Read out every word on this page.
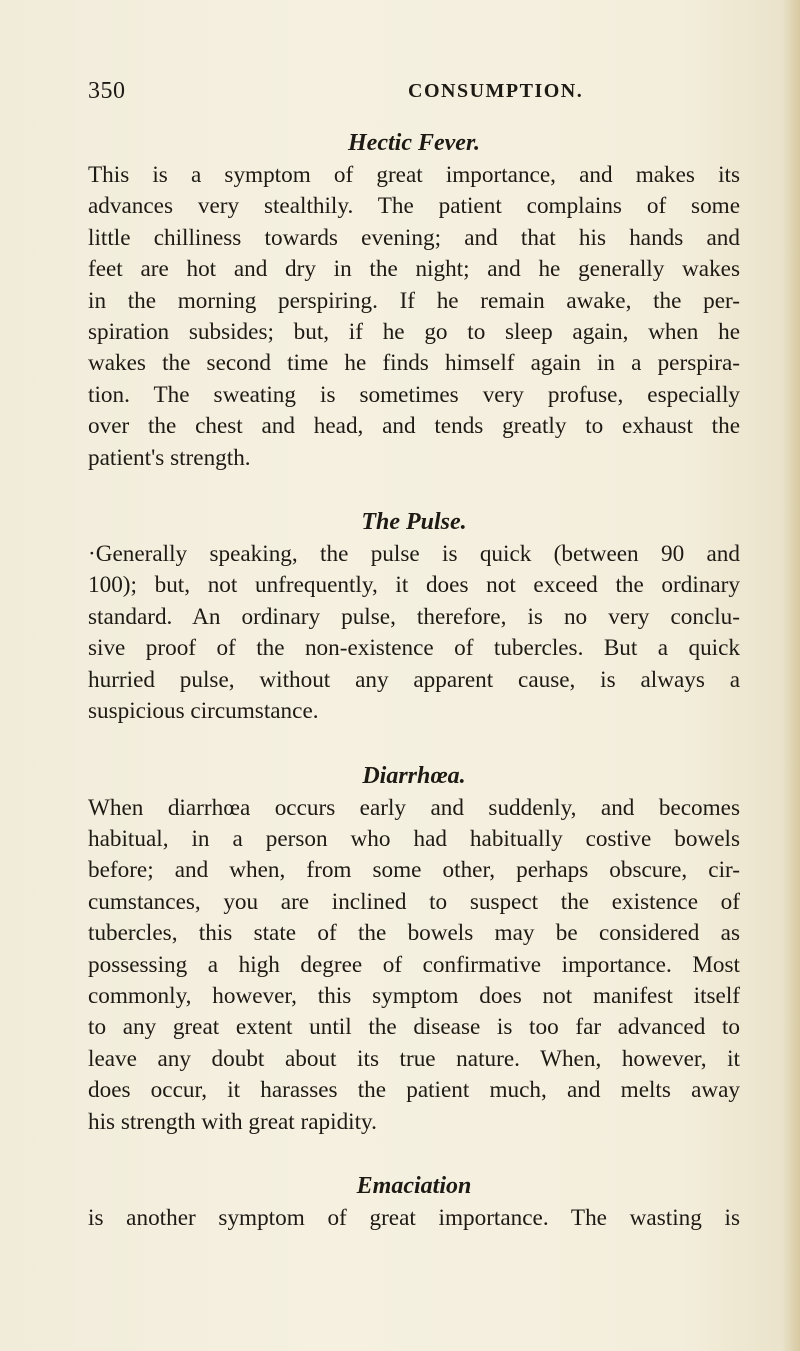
350	CONSUMPTION.

Hectic Fever.

This is a symptom of great importance, and makes its
advances very stealthily. The patient complains of some
little chilliness towards evening; and that his hands and
feet are hot and dry in the night; and he generally wakes
in the morning perspiring. If he remain awake, the per-
spiration subsides; but, if he go to sleep again, when he
wakes the second time he finds himself again in a perspira-
tion. The sweating is sometimes very profuse, especially
over the chest and head, and tends greatly to exhaust the
patient's strength.

The Pulse.

·Generally speaking, the pulse is quick (between 90 and
100); but, not unfrequently, it does not exceed the ordinary
standard. An ordinary pulse, therefore, is no very conclu-
sive proof of the non-existence of tubercles. But a quick
hurried pulse, without any apparent cause, is always a
suspicious circumstance.

Diarrhœa.

When diarrhœa occurs early and suddenly, and becomes
habitual, in a person who had habitually costive bowels
before; and when, from some other, perhaps obscure, cir-
cumstances, you are inclined to suspect the existence of
tubercles, this state of the bowels may be considered as
possessing a high degree of confirmative importance. Most
commonly, however, this symptom does not manifest itself
to any great extent until the disease is too far advanced to
leave any doubt about its true nature. When, however, it
does occur, it harasses the patient much, and melts away
his strength with great rapidity.

Emaciation

is another symptom of great importance. The wasting is
